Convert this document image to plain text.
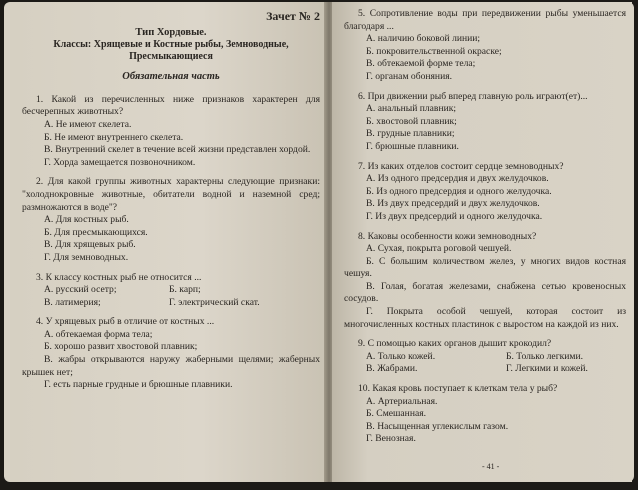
Зачет № 2
Тип Хордовые.
Классы: Хрящевые и Костные рыбы, Земноводные, Пресмыкающиеся
Обязательная часть

1. Какой из перечисленных ниже признаков характерен для бесчерепных животных?

А. Не имеют скелета.

Б. Не имеют внутреннего скелета.

В. Внутренний скелет в течение всей жизни представлен хордой.

Г. Хорда замещается позвоночником.

2. Для какой группы животных характерны следующие признаки: "холоднокровные животные, обитатели водной и наземной сред; размножаются в воде"?

А. Для костных рыб.

Б. Для пресмыкающихся.

В. Для хрящевых рыб.

Г. Для земноводных.

3. К классу костных рыб не относится ...

А. русский осетр;	Б. карп;
В. латимерия;	Г. электрический скат.

4. У хрящевых рыб в отличие от костных ...

А. обтекаемая форма тела;

Б. хорошо развит хвостовой плавник;

В. жабры открываются наружу жаберными щелями; жаберных крышек нет;

Г. есть парные грудные и брюшные плавники.

5. Сопротивление воды при передвижении рыбы уменьшается благодаря ...

А. наличию боковой линии;

Б. покровительственной окраске;

В. обтекаемой форме тела;

Г. органам обоняния.

6. При движении рыб вперед главную роль играют(ет)...

А. анальный плавник;

Б. хвостовой плавник;

В. грудные плавники;

Г. брюшные плавники.

7. Из каких отделов состоит сердце земноводных?

А. Из одного предсердия и двух желудочков.

Б. Из одного предсердия и одного желудочка.

В. Из двух предсердий и двух желудочков.

Г. Из двух предсердий и одного желудочка.

8. Каковы особенности кожи земноводных?

А. Сухая, покрыта роговой чешуей.

Б. С большим количеством желез, у многих видов костная чешуя.

В. Голая, богатая железами, снабжена сетью кровеносных сосудов.

Г. Покрыта особой чешуей, которая состоит из многочисленных костных пластинок с выростом на каждой из них.

9. С помощью каких органов дышит крокодил?

А. Только кожей.	Б. Только легкими.
В. Жабрами.	Г. Легкими и кожей.

10. Какая кровь поступает к клеткам тела у рыб?

А. Артериальная.

Б. Смешанная.

В. Насыщенная углекислым газом.

Г. Венозная.

- 41 -
